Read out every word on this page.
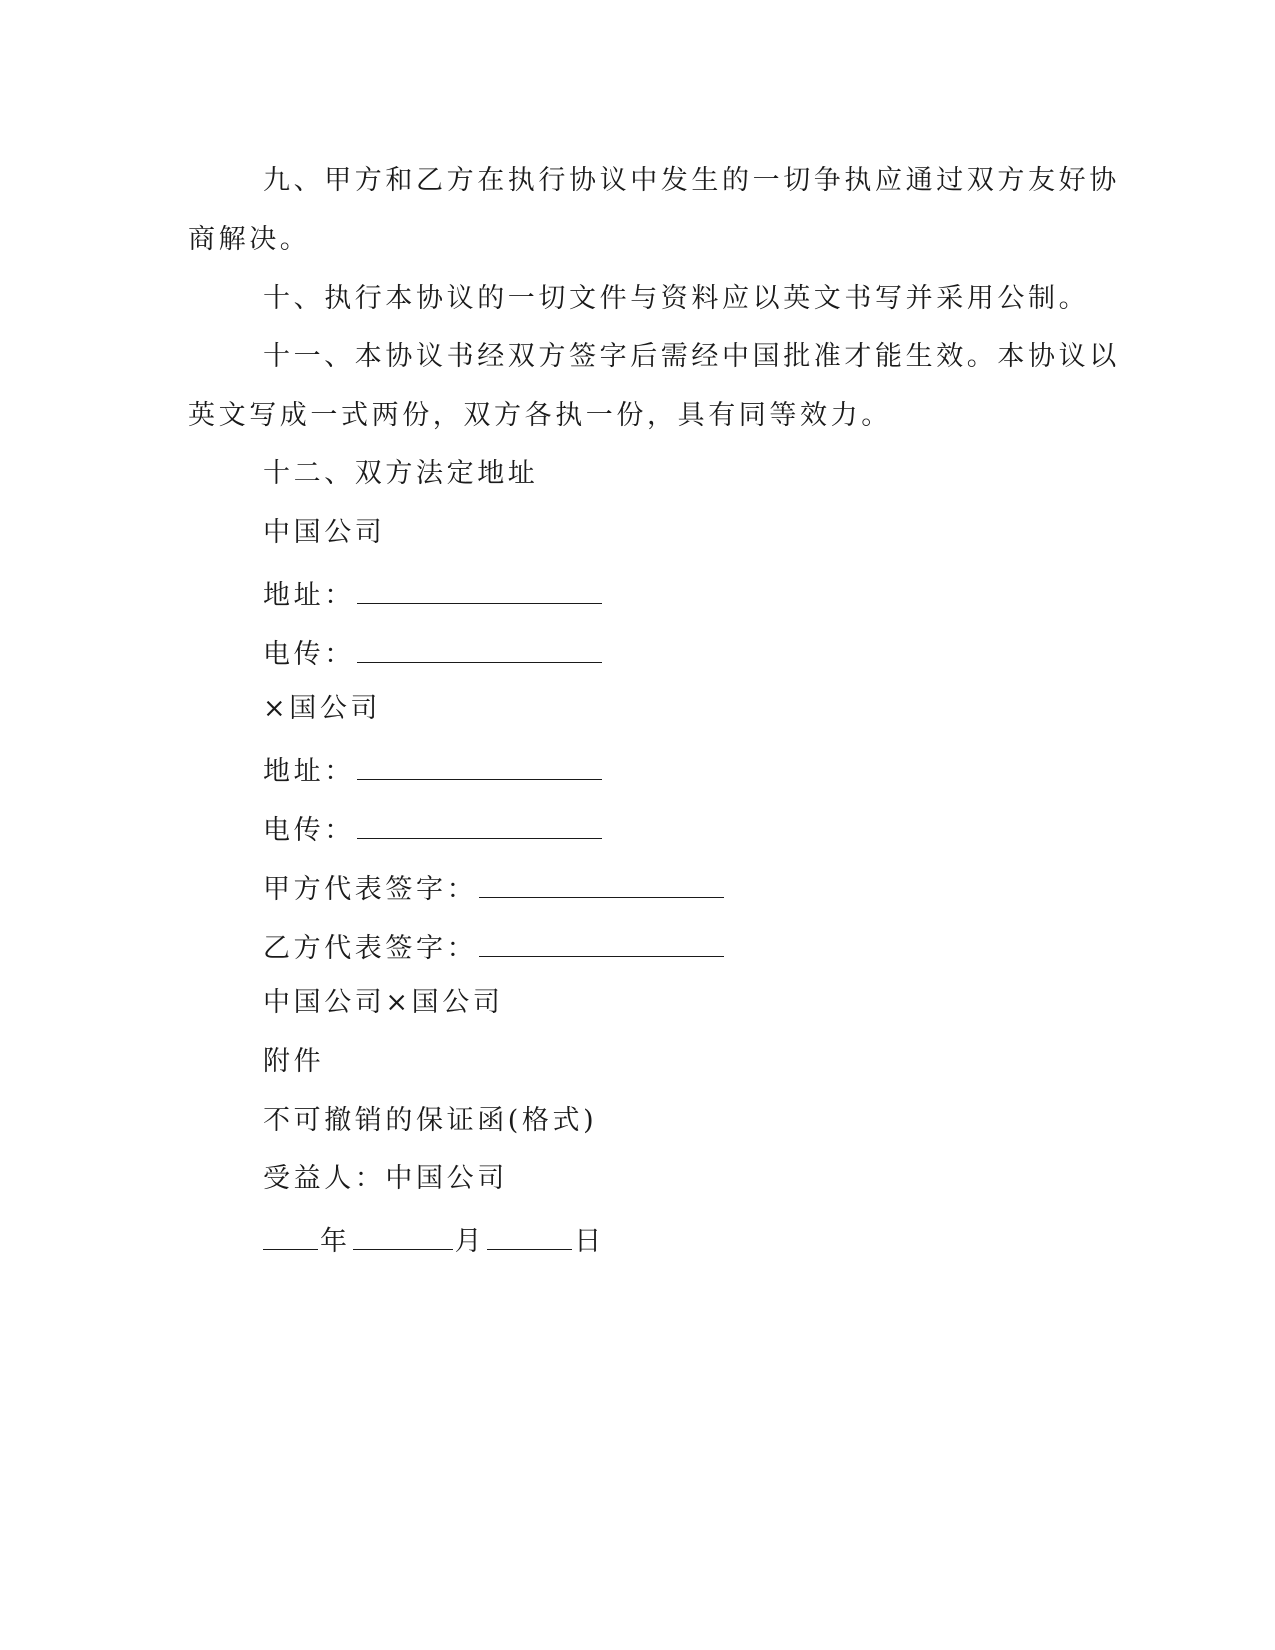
九、甲方和乙方在执行协议中发生的一切争执应通过双方友好协
商解决。
十、执行本协议的一切文件与资料应以英文书写并采用公制。
十一、本协议书经双方签字后需经中国批准才能生效。本协议以
英文写成一式两份，双方各执一份，具有同等效力。
十二、双方法定地址
中国公司
地址：
电传：
×国公司
地址：
电传：
甲方代表签字：
乙方代表签字：
中国公司×国公司
附件
不可撤销的保证函(格式)
受益人：中国公司
年	月	日
